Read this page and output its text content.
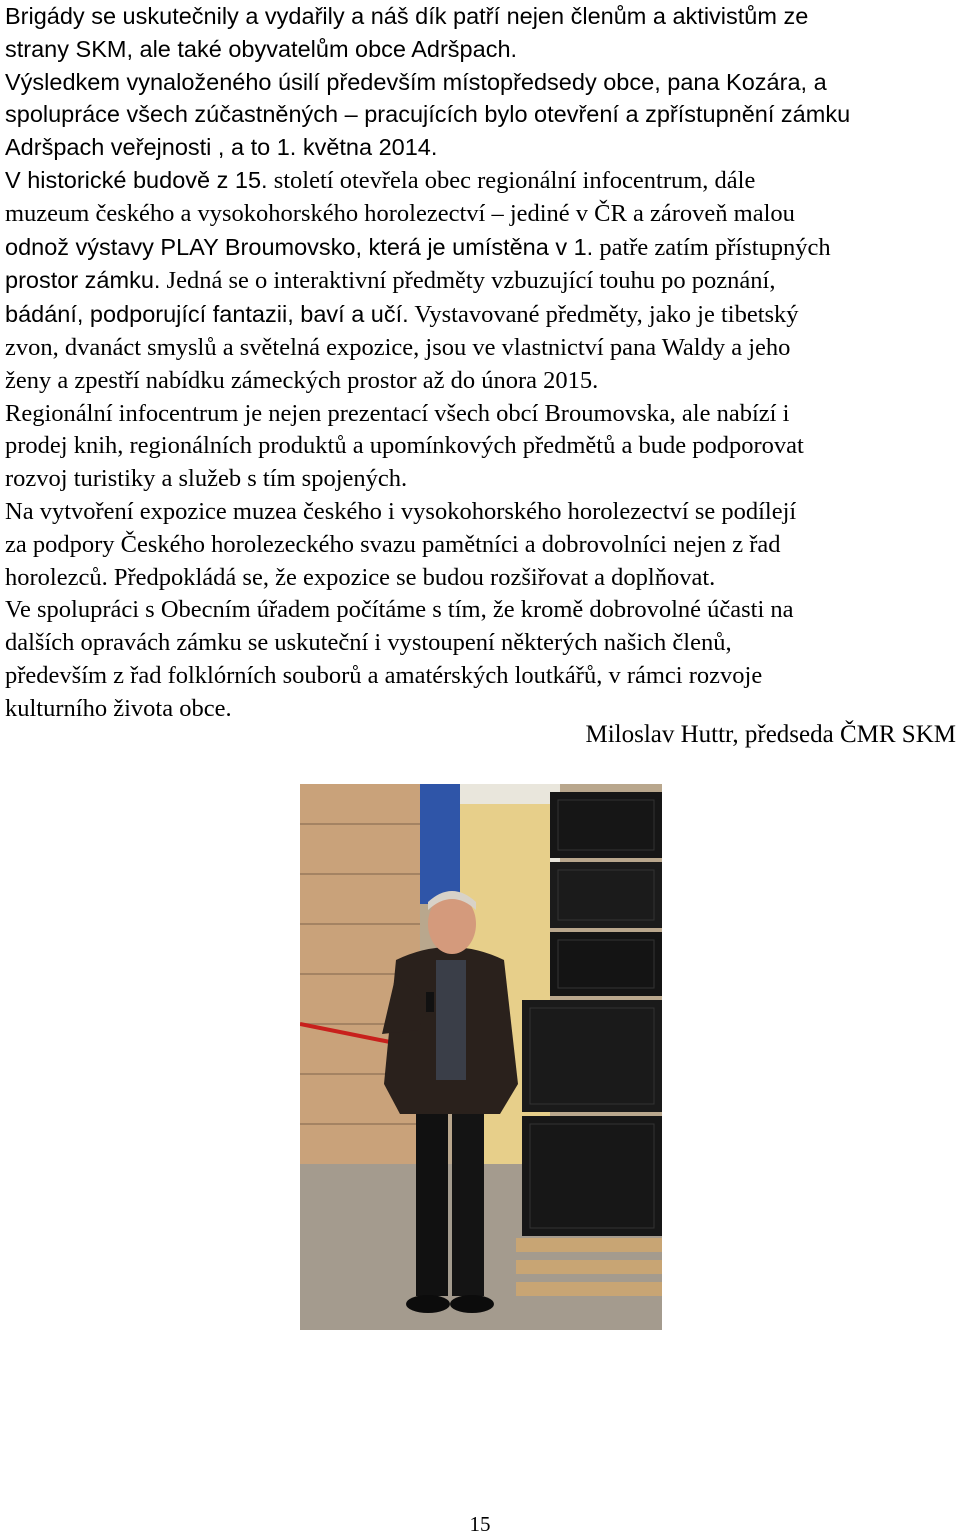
Brigády se uskutečnily a vydařily a náš dík patří nejen členům a aktivistům ze
strany SKM, ale také obyvatelům obce Adršpach.
Výsledkem vynaloženého úsilí především místopředsedy obce, pana Kozára, a
spolupráce všech zúčastněných – pracujících bylo otevření a zpřístupnění zámku
Adršpach veřejnosti , a to 1. května 2014.
V historické budově z 15. století otevřela obec regionální infocentrum, dále
muzeum českého a vysokohorského horolezectví – jediné v ČR a zároveň malou
odnož výstavy PLAY Broumovsko, která je umístěna v 1. patře zatím přístupných
prostor zámku. Jedná se o interaktivní předměty vzbuzující touhu po poznání,
bádání, podporující fantazii, baví a učí. Vystavované předměty, jako je tibetský
zvon, dvanáct smyslů a světelná expozice, jsou ve vlastnictví pana Waldy a jeho
ženy a zpestří nabídku zámeckých prostor až do února 2015.
Regionální infocentrum je nejen prezentací všech obcí Broumovska, ale nabízí i
prodej knih, regionálních produktů a upomínkových předmětů a bude podporovat
rozvoj turistiky a služeb s tím spojených.
Na vytvoření expozice muzea českého i vysokohorského horolezectví se podílejí
za podpory Českého horolezeckého svazu pamětníci a dobrovolníci nejen z řad
horolezců. Předpokládá se, že expozice se budou rozšiřovat a doplňovat.
Ve spolupráci s Obecním úřadem počítáme s tím, že kromě dobrovolné účasti na
dalších opravách zámku se uskuteční i vystoupení některých našich členů,
především z řad folklórních souborů a amatérských loutkářů, v rámci rozvoje
kulturního života obce.
Miloslav Huttr, předseda ČMR SKM
15
